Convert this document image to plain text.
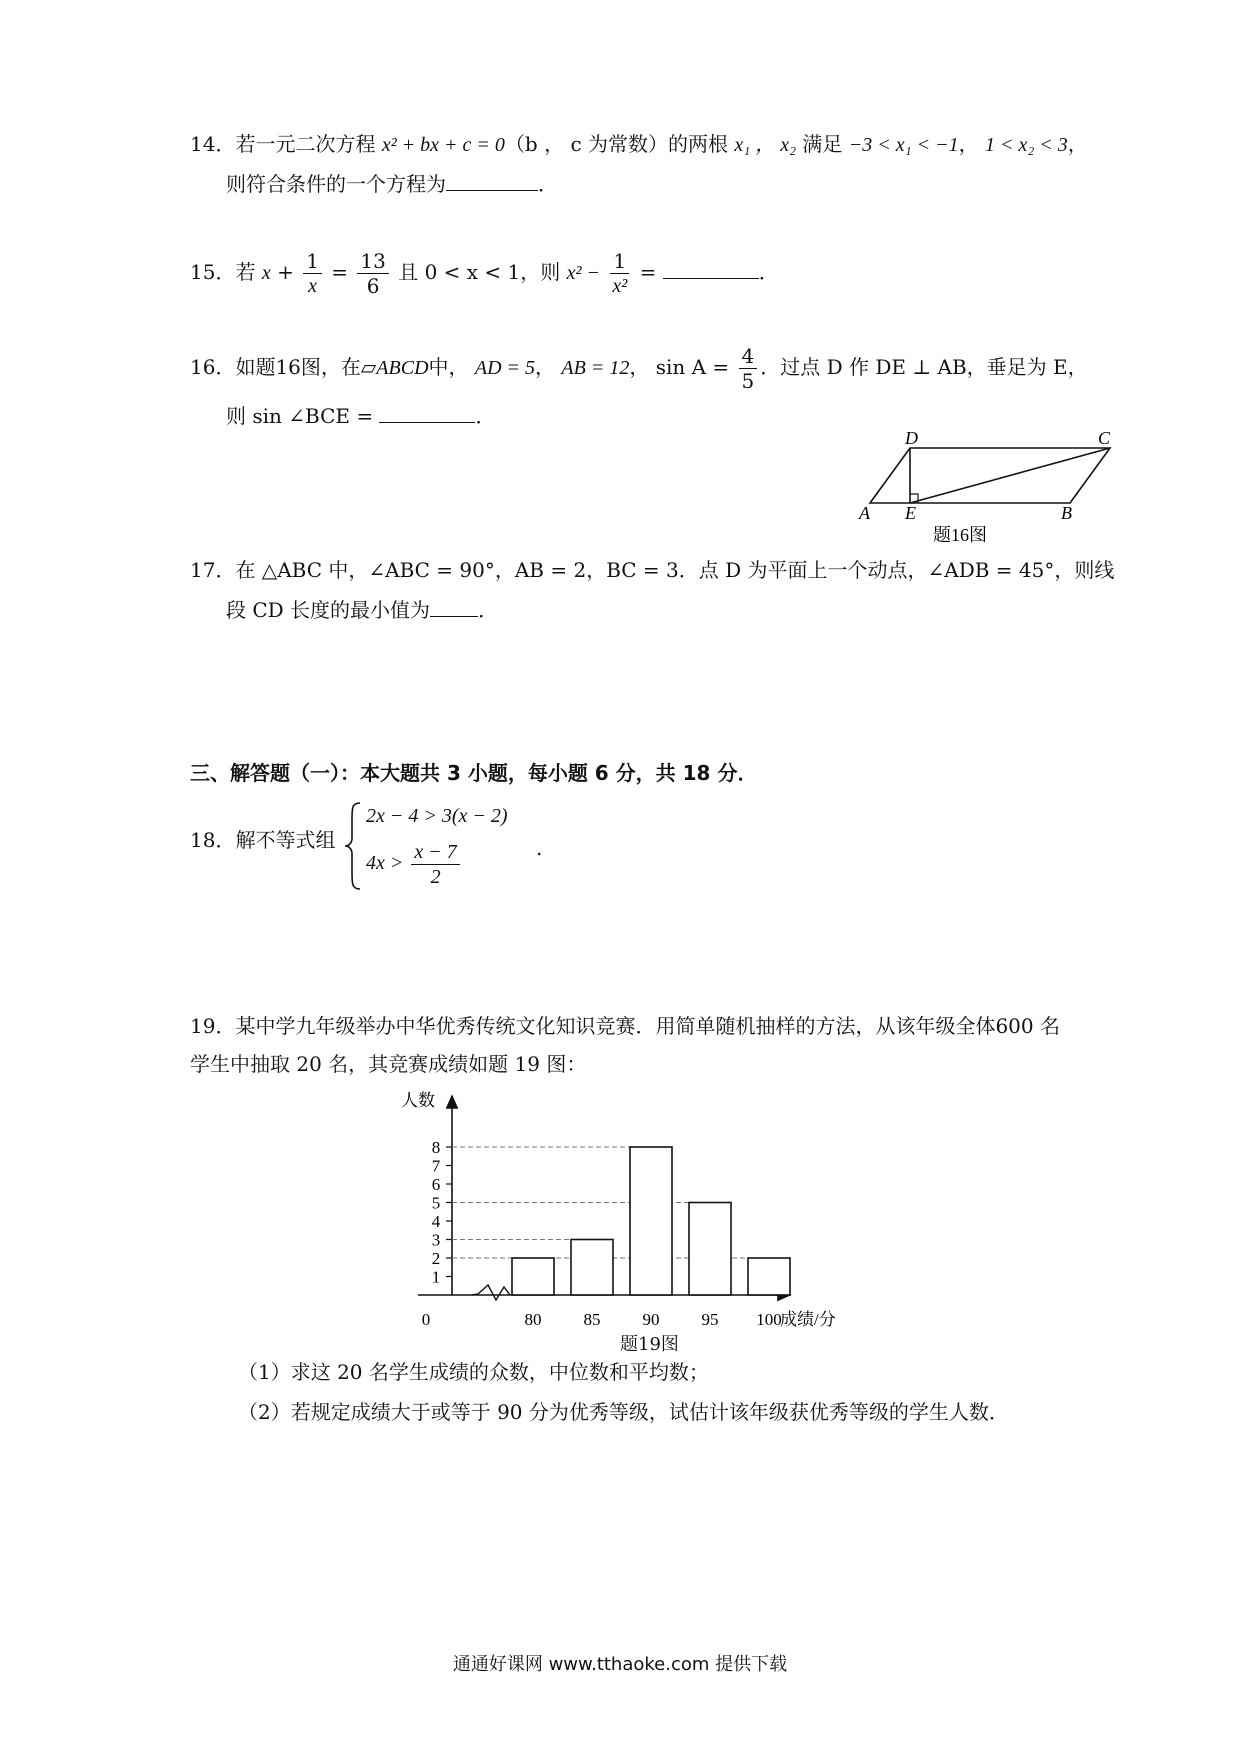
14．若一元二次方程 x² + bx + c = 0（b ， c 为常数）的两根 x₁ ， x₂ 满足 −3 < x₁ < −1， 1 < x₂ < 3，
则符合条件的一个方程为	．
15．若 $x + \frac{1}{x} = \frac{13}{6}$ 且 0 < x < 1，则 $x^2 - \frac{1}{\text{x²}}$ =	．
16．如题16图，在▱ABCD中， AD = 5， AB = 12， $\sin A = \frac{4}{5}$ ．过点 D 作 DE ⊥ AB，垂足为 E，
则 sin ∠BCE =	．
D	C
A E	B
题16图
17．在 △ABC 中，∠ABC = 90°，AB = 2，BC = 3．点 D 为平面上一个动点，∠ADB = 45°，则线
段 CD 长度的最小值为 ．
三、解答题（一）：本大题共 3 小题，每小题 6 分，共 18 分．
18．解不等式组
2x − 4 > 3(x − 2)
$4x > \frac{x - 7}{2}$	.
19．某中学九年级举办中华优秀传统文化知识竞赛．用简单随机抽样的方法，从该年级全体600 名
学生中抽取 20 名，其竞赛成绩如题 19 图：
1
2
3
4
5
6
7
8
0
人数
成绩/分
80 85 90 95 100
题19图
（1）求这 20 名学生成绩的众数，中位数和平均数；
（2）若规定成绩大于或等于 90 分为优秀等级，试估计该年级获优秀等级的学生人数．
通通好课网 www.tthaoke.com 提供下载
